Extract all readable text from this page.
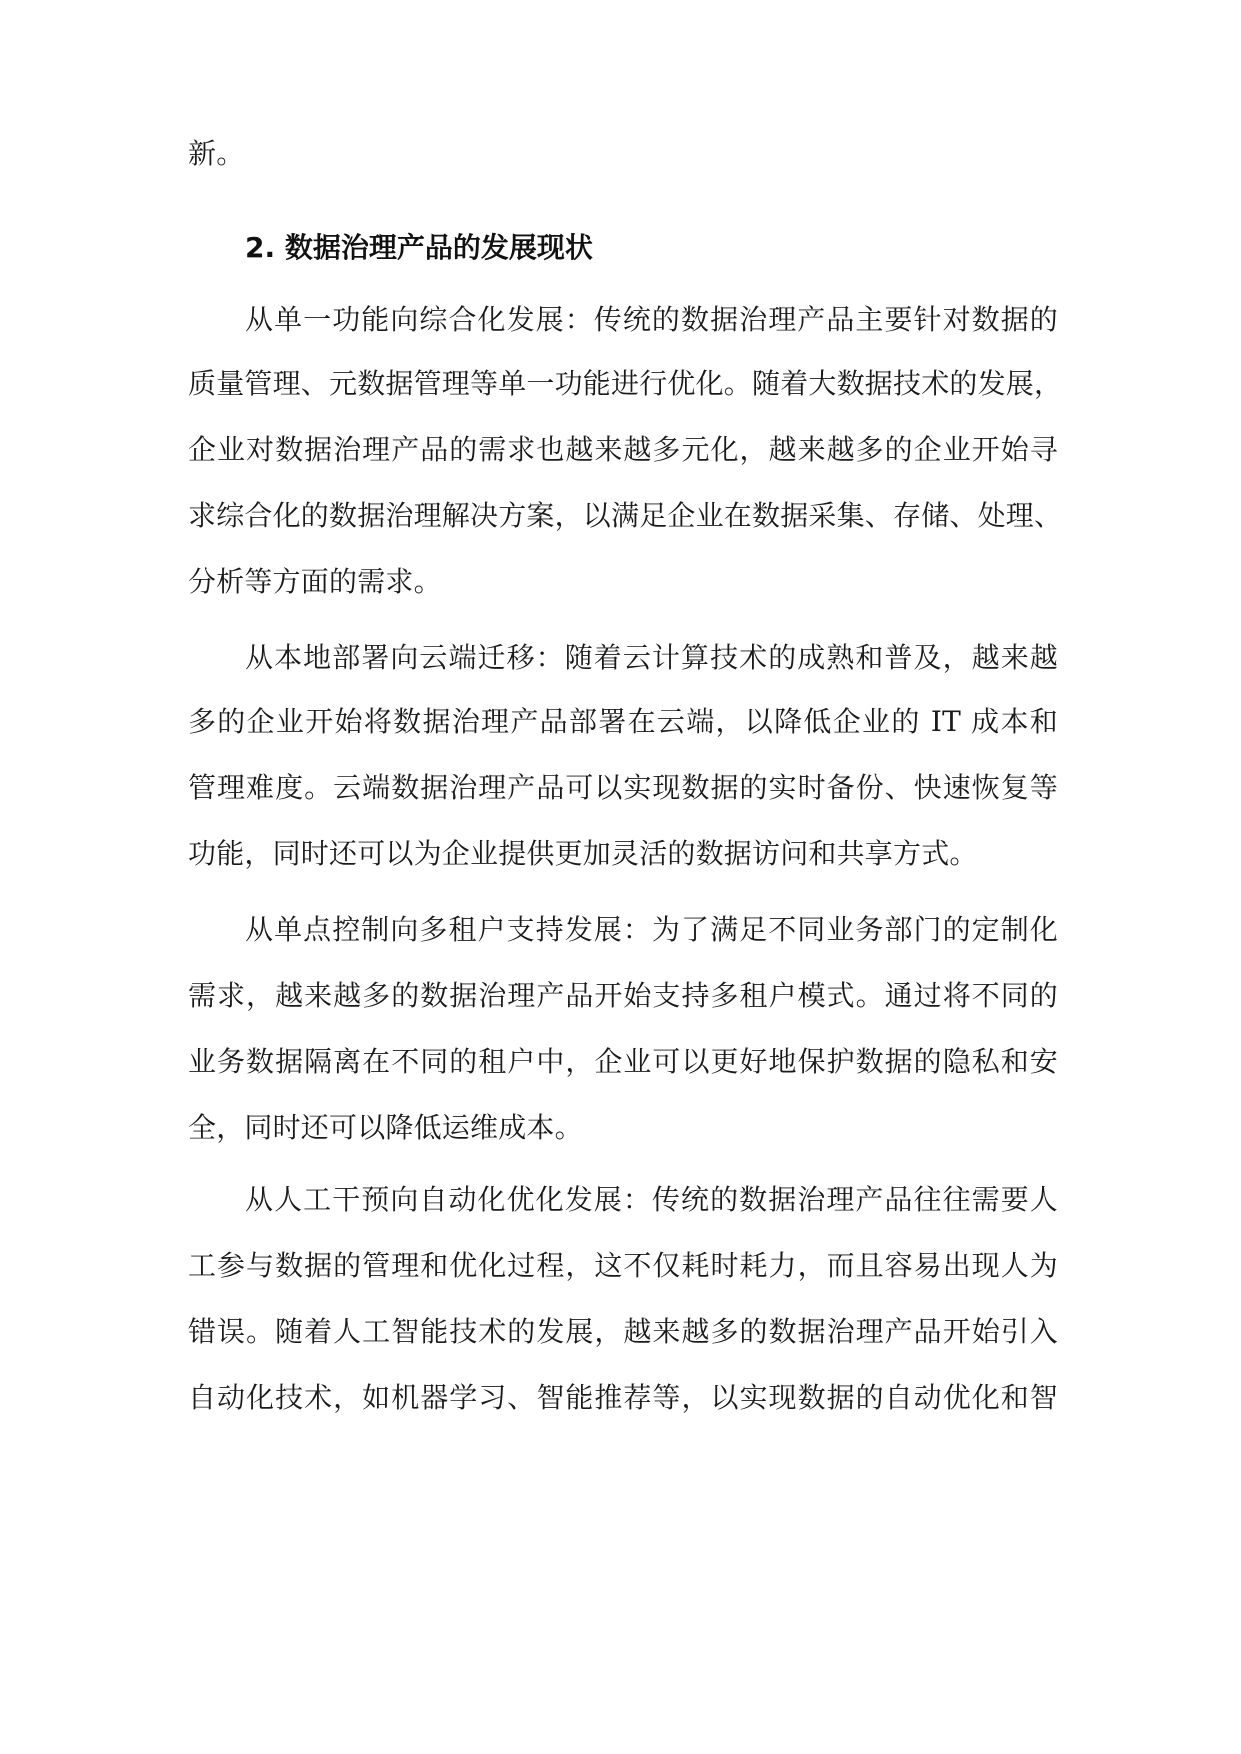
新。
2. 数据治理产品的发展现状
从单一功能向综合化发展：传统的数据治理产品主要针对数据的
质量管理、元数据管理等单一功能进行优化。随着大数据技术的发展，
企业对数据治理产品的需求也越来越多元化，越来越多的企业开始寻
求综合化的数据治理解决方案，以满足企业在数据采集、存储、处理、
分析等方面的需求。
从本地部署向云端迁移：随着云计算技术的成熟和普及，越来越
多的企业开始将数据治理产品部署在云端，以降低企业的 IT 成本和
管理难度。云端数据治理产品可以实现数据的实时备份、快速恢复等
功能，同时还可以为企业提供更加灵活的数据访问和共享方式。
从单点控制向多租户支持发展：为了满足不同业务部门的定制化
需求，越来越多的数据治理产品开始支持多租户模式。通过将不同的
业务数据隔离在不同的租户中，企业可以更好地保护数据的隐私和安
全，同时还可以降低运维成本。
从人工干预向自动化优化发展：传统的数据治理产品往往需要人
工参与数据的管理和优化过程，这不仅耗时耗力，而且容易出现人为
错误。随着人工智能技术的发展，越来越多的数据治理产品开始引入
自动化技术，如机器学习、智能推荐等，以实现数据的自动优化和智
